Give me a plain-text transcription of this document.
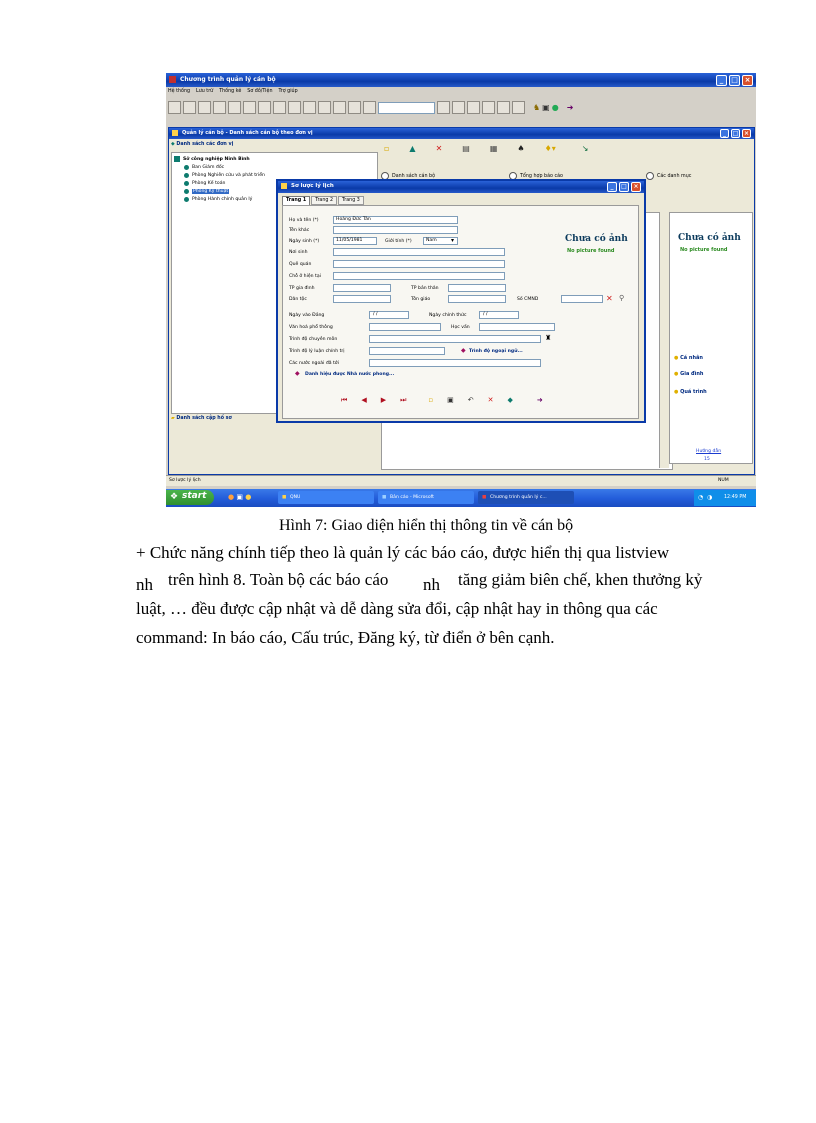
Chương trình quản lý cán bộ	_	□ ×
Hệ thống Lưu trữ Thống kê Sơ đồ/Tiện Trợ giúp
♞ ▣ ● ➜
Quản lý cán bộ - Danh sách cán bộ theo đơn vị	_	□ ×
◆ Danh sách các đơn vị
Sở công nghiệp Ninh Bình
Ban Giám đốc
Phòng Nghiên cứu và phát triển
Phòng Kế toán
Phòng Kỹ thuật
Phòng Hành chính quản lý
▰ Danh sách cập hồ sơ
▫	▲	✕	▤	▦	♠	♦▾	↘
Danh sách cán bộ	Tổng hợp báo cáo	Các danh mục
Chưa có ảnh
No picture found
● Cá nhân
● Gia đình
● Quá trình
Hướng dẫn
15
Sơ lược lý lịch	NUM
❖ start	● ▣ ●	■ QNU	■ Bản cáo - Microsoft	■ Chương trình quản lý c...	◔ ◑ 12:49 PM
Sơ lược lý lịch	_	□	×
Trang 1	Trang 2	Trang 3
Họ và tên (*)	Hoàng Đức Tân
Tên khác
Ngày sinh (*)	11/05/1981	Giới tính (*)	Nam	▾
Nơi sinh
Quê quán
Chỗ ở hiện tại
TP gia đình	TP bản thân
Dân tộc	Tôn giáo	Số CMND	✕ ⚲
Ngày vào Đảng	/ /	Ngày chính thức	/ /
Văn hoá phổ thông	Học vấn
Trình độ chuyên môn	♜
Trình độ lý luận chính trị	◆ Trình độ ngoại ngữ...
Các nước ngoài đã tới
◆ Danh hiệu được Nhà nước phong...
Chưa có ảnh
No picture found
⏮ ◀ ▶ ⏭	▫ ▣ ↶ ✕ ◆	➜
Hình 7: Giao diện hiển thị thông tin về cán bộ
+ Chức năng chính tiếp theo là quản lý các báo cáo, được hiển thị qua listview
nh trên hình 8. Toàn bộ các báo cáo nh tăng giảm biên chế, khen thưởng kỷ
luật, … đều được cập nhật và dễ dàng sửa đổi, cập nhật hay in thông qua các
command: In báo cáo, Cấu trúc, Đăng ký, từ điển ở bên cạnh.
